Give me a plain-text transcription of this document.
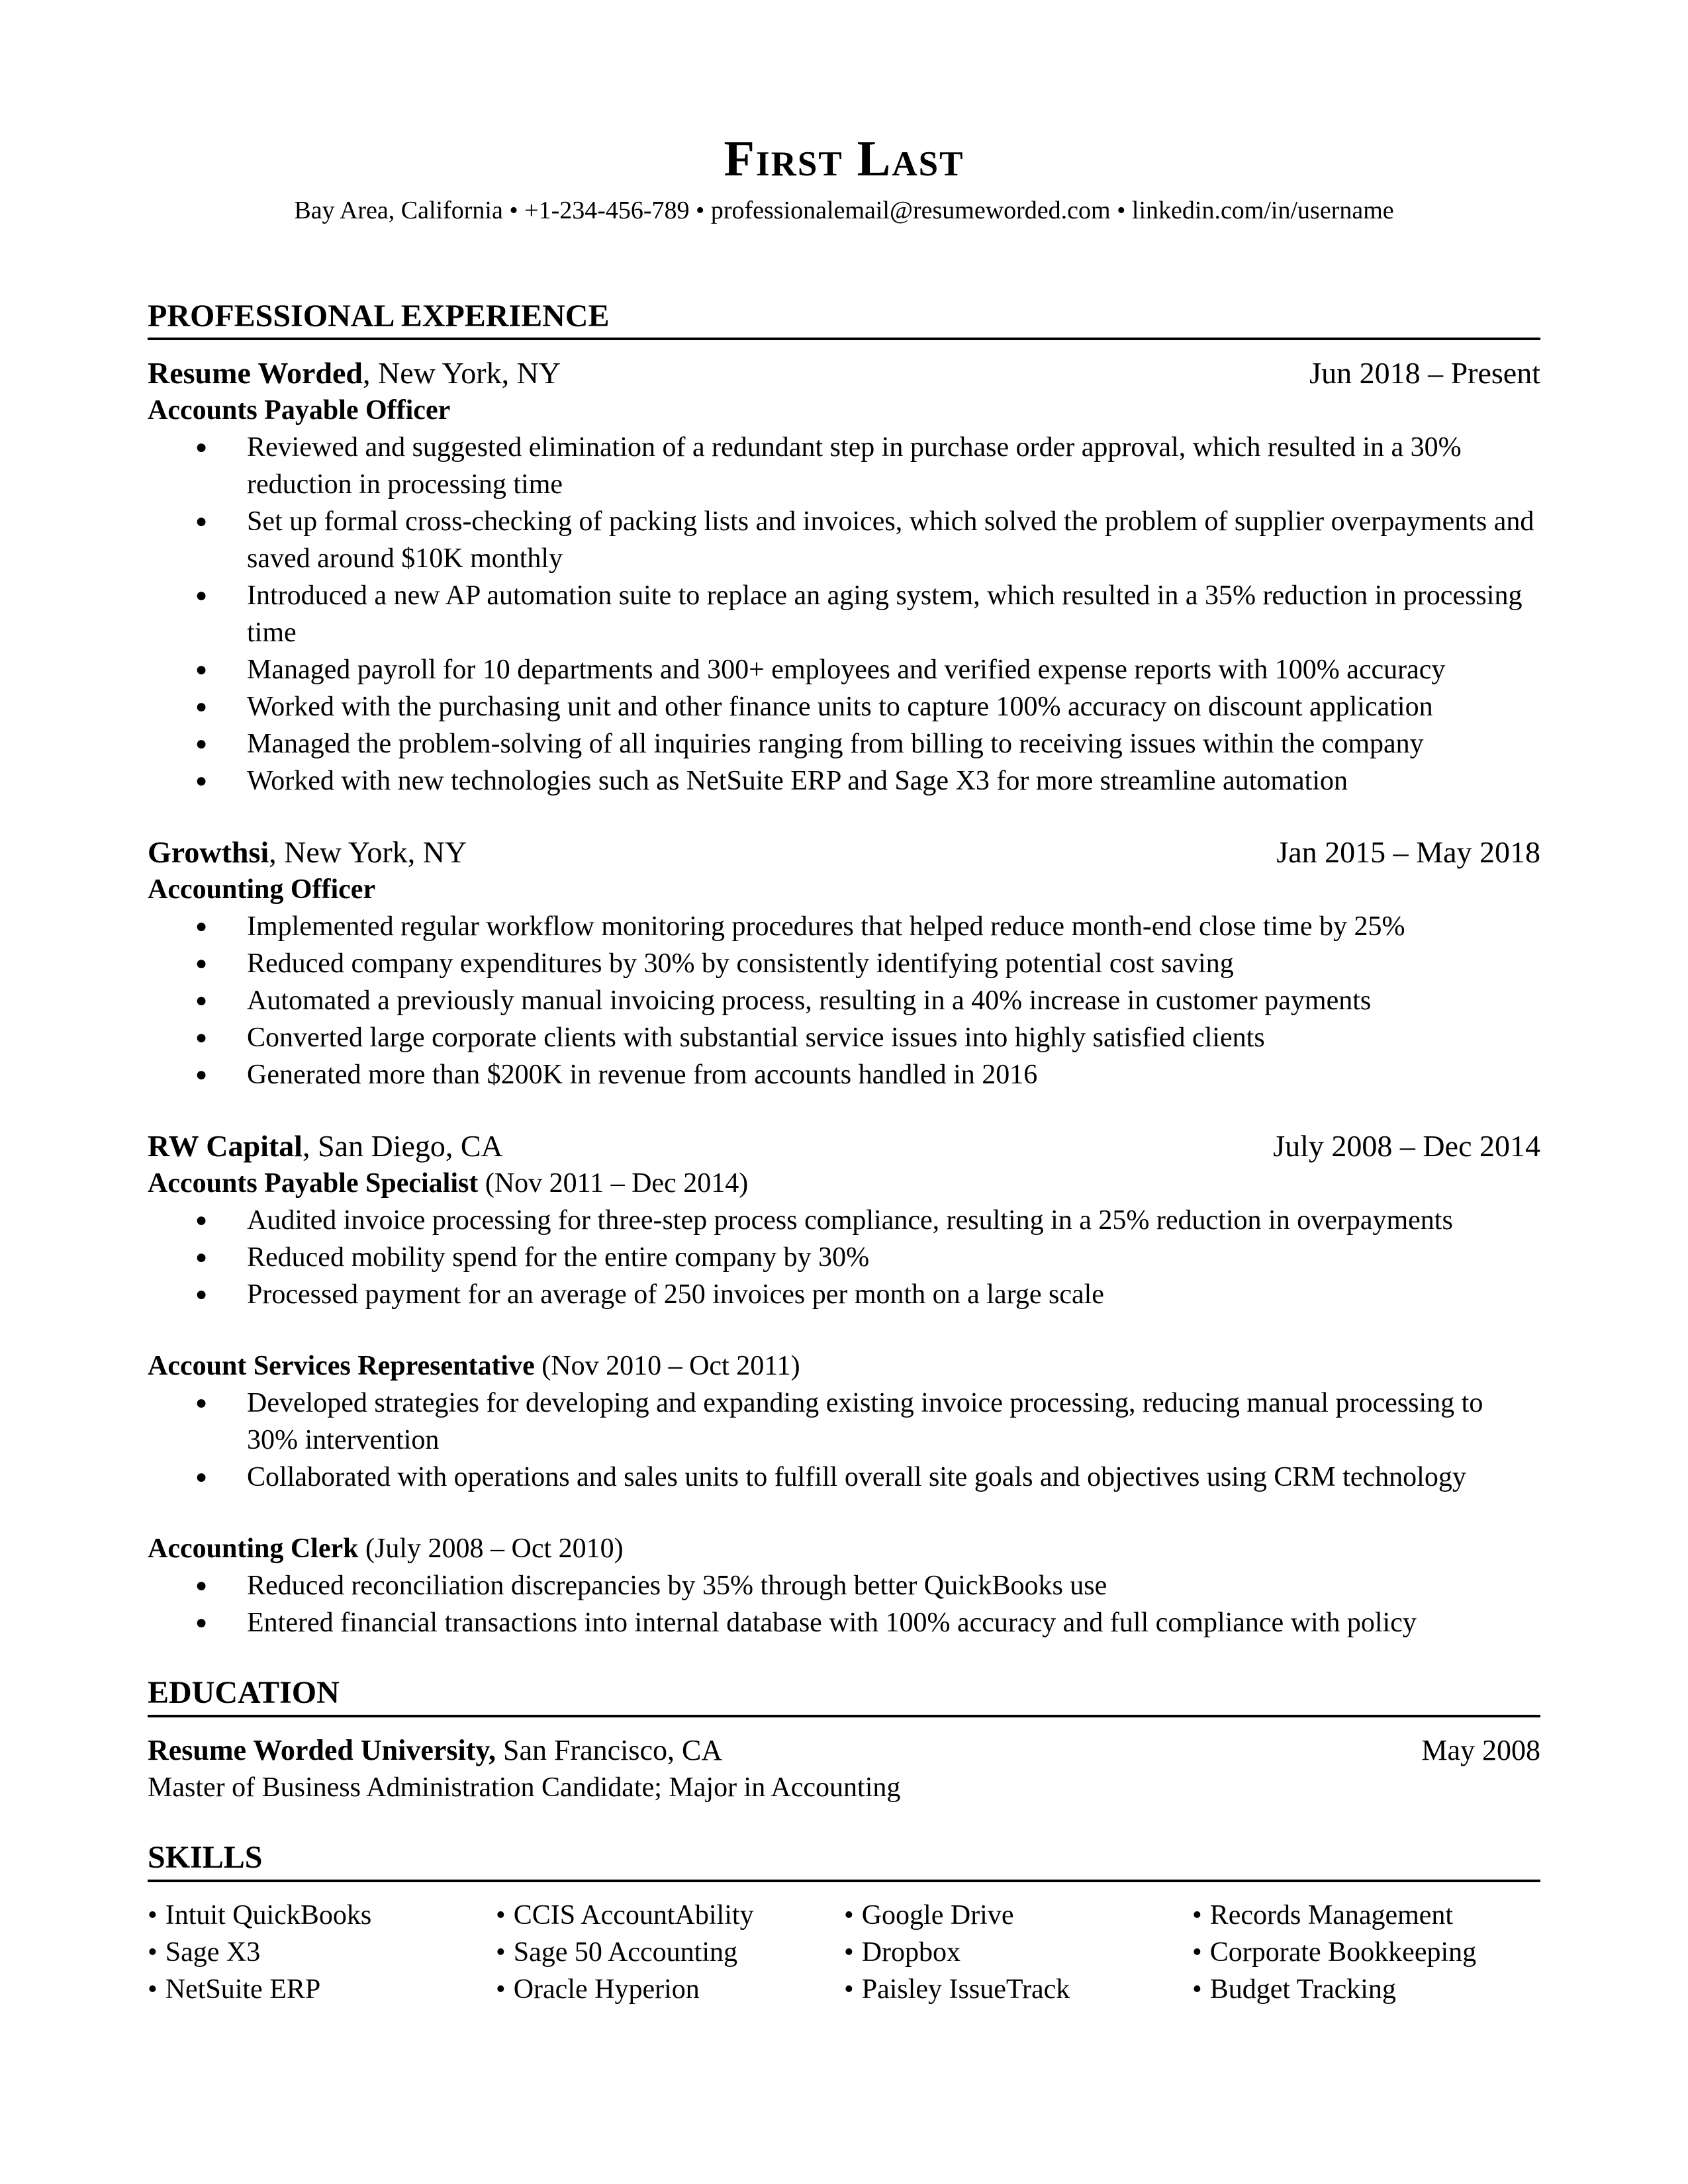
First Last
Bay Area, California • +1-234-456-789 • professionalemail@resumeworded.com • linkedin.com/in/username
PROFESSIONAL EXPERIENCE
Resume Worded, New York, NY	Jun 2018 – Present
Accounts Payable Officer
● Reviewed and suggested elimination of a redundant step in purchase order approval, which resulted in a 30% reduction in processing time
● Set up formal cross-checking of packing lists and invoices, which solved the problem of supplier overpayments and saved around $10K monthly
● Introduced a new AP automation suite to replace an aging system, which resulted in a 35% reduction in processing time
● Managed payroll for 10 departments and 300+ employees and verified expense reports with 100% accuracy
● Worked with the purchasing unit and other finance units to capture 100% accuracy on discount application
● Managed the problem-solving of all inquiries ranging from billing to receiving issues within the company
● Worked with new technologies such as NetSuite ERP and Sage X3 for more streamline automation
Growthsi, New York, NY	Jan 2015 – May 2018
Accounting Officer
● Implemented regular workflow monitoring procedures that helped reduce month-end close time by 25%
● Reduced company expenditures by 30% by consistently identifying potential cost saving
● Automated a previously manual invoicing process, resulting in a 40% increase in customer payments
● Converted large corporate clients with substantial service issues into highly satisfied clients
● Generated more than $200K in revenue from accounts handled in 2016
RW Capital, San Diego, CA	July 2008 – Dec 2014
Accounts Payable Specialist (Nov 2011 – Dec 2014)
● Audited invoice processing for three-step process compliance, resulting in a 25% reduction in overpayments
● Reduced mobility spend for the entire company by 30%
● Processed payment for an average of 250 invoices per month on a large scale
Account Services Representative (Nov 2010 – Oct 2011)
● Developed strategies for developing and expanding existing invoice processing, reducing manual processing to 30% intervention
● Collaborated with operations and sales units to fulfill overall site goals and objectives using CRM technology
Accounting Clerk (July 2008 – Oct 2010)
● Reduced reconciliation discrepancies by 35% through better QuickBooks use
● Entered financial transactions into internal database with 100% accuracy and full compliance with policy
EDUCATION
Resume Worded University, San Francisco, CA	May 2008
Master of Business Administration Candidate; Major in Accounting
SKILLS
• Intuit QuickBooks
• Sage X3
• NetSuite ERP
• CCIS AccountAbility
• Sage 50 Accounting
• Oracle Hyperion
• Google Drive
• Dropbox
• Paisley IssueTrack
• Records Management
• Corporate Bookkeeping
• Budget Tracking
